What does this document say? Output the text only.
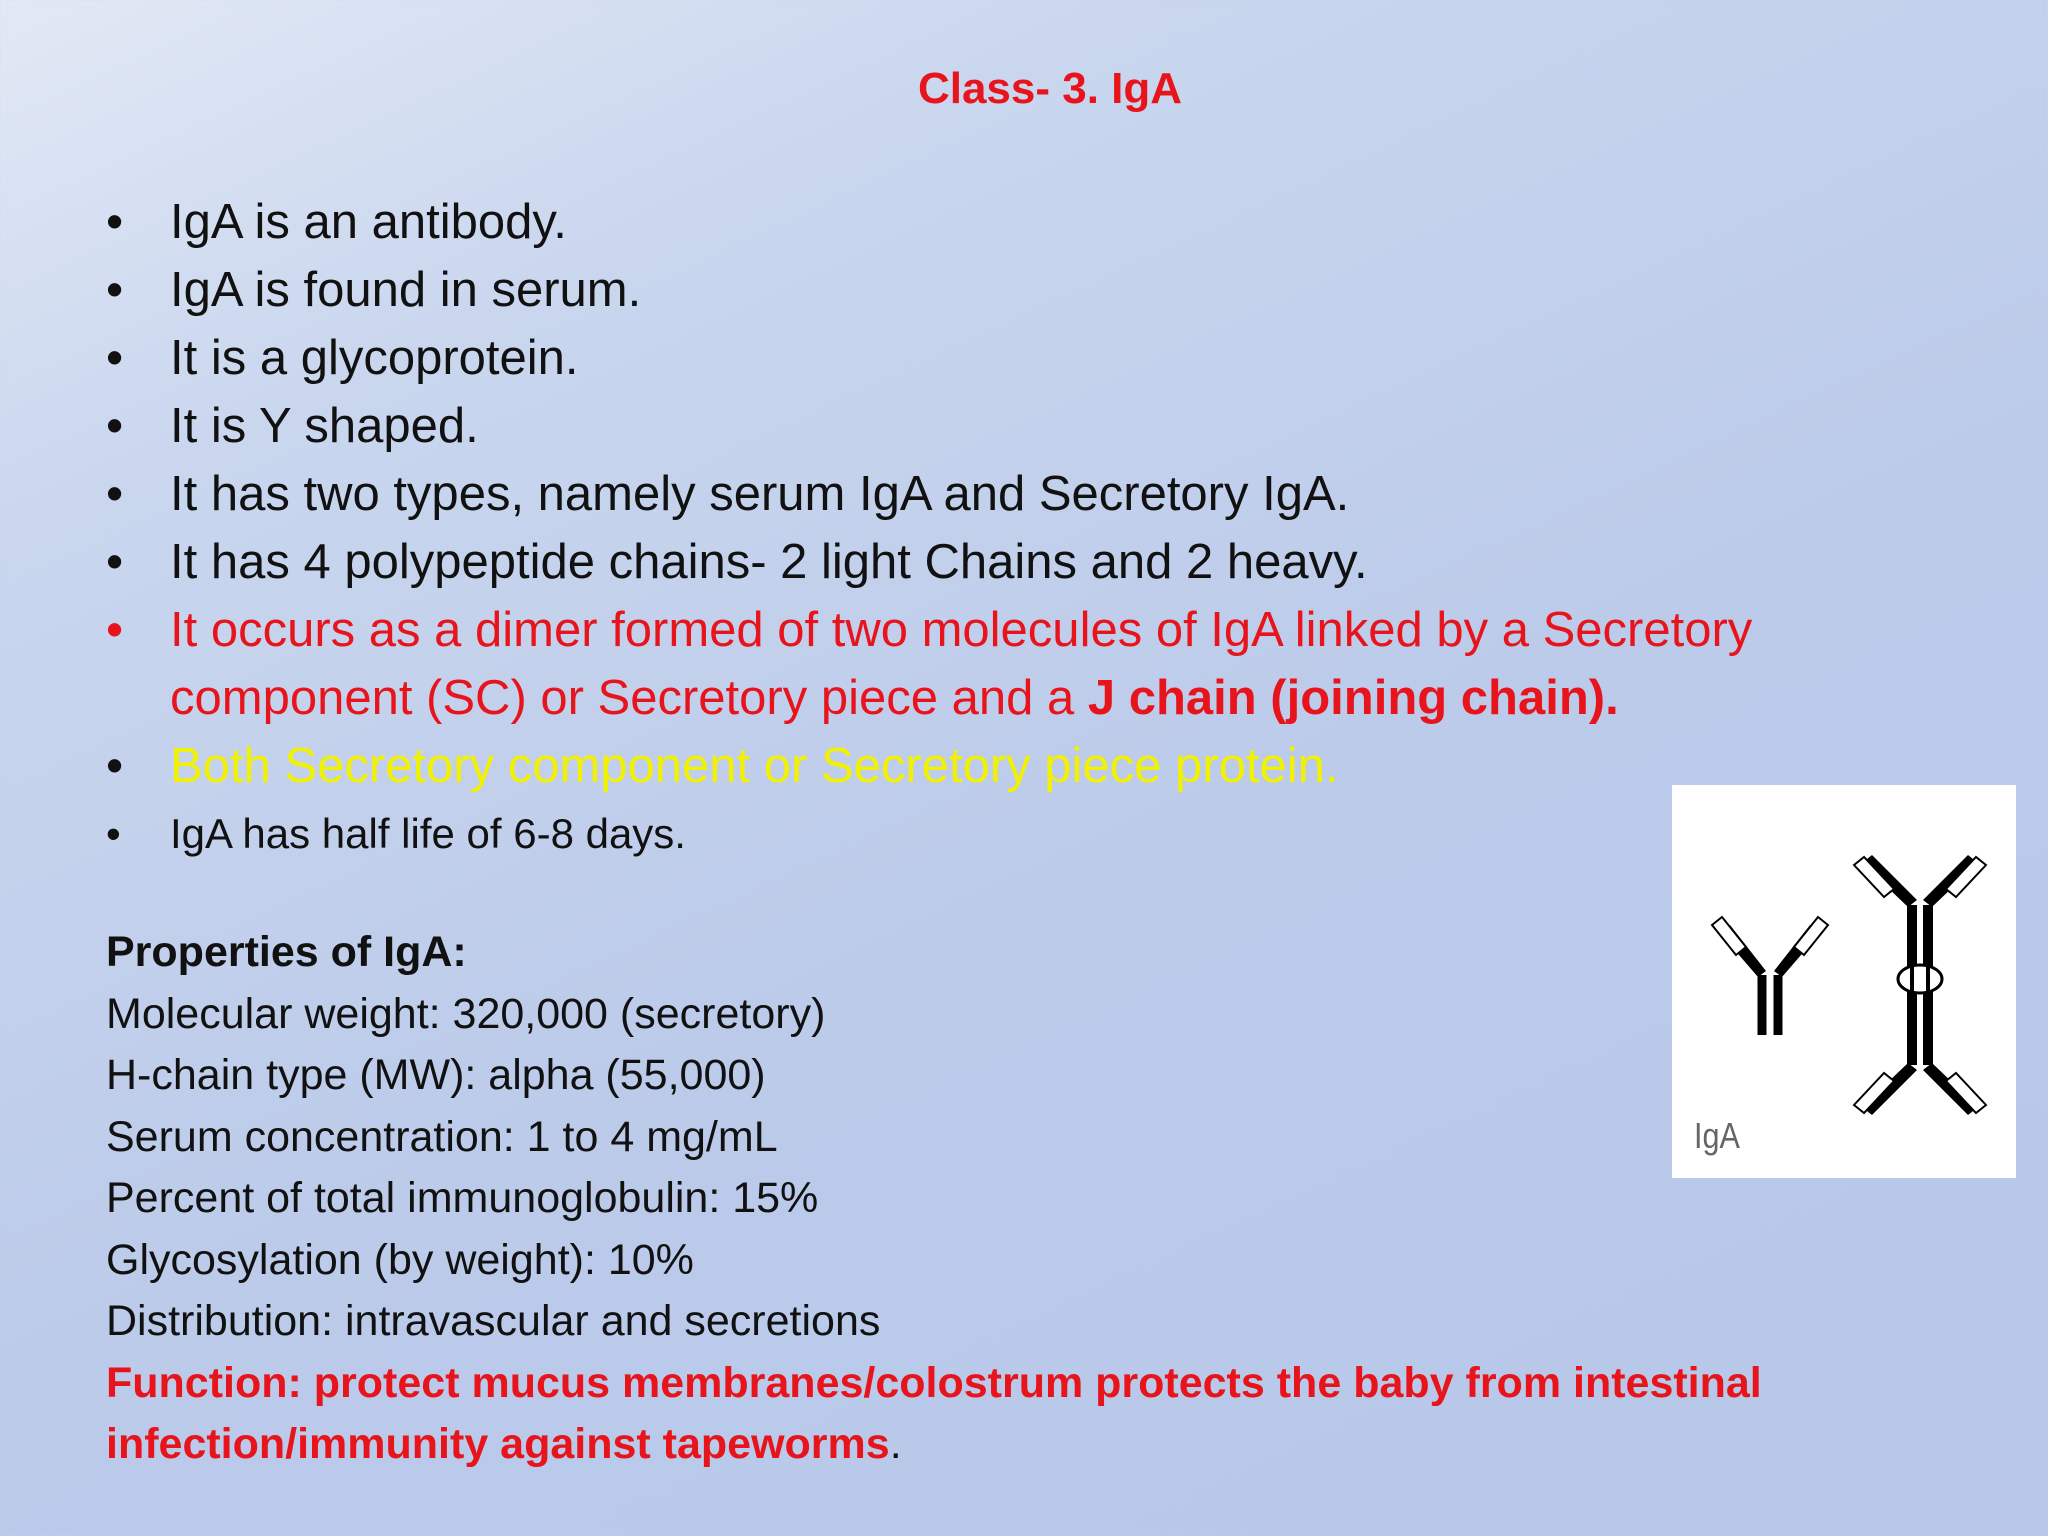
Class- 3. IgA
• IgA is an antibody.
• IgA is found in serum.
• It is a glycoprotein.
• It is Y shaped.
• It has two types, namely serum IgA and Secretory IgA.
• It has 4 polypeptide chains- 2 light Chains and 2 heavy.
• It occurs as a dimer formed of two molecules of IgA linked by a Secretory component (SC) or Secretory piece and a J chain (joining chain).
• Both Secretory component or Secretory piece protein.
• IgA has half life of 6-8 days.
Properties of IgA:
Molecular weight: 320,000 (secretory)
H-chain type (MW): alpha (55,000)
Serum concentration: 1 to 4 mg/mL
Percent of total immunoglobulin: 15%
Glycosylation (by weight): 10%
Distribution: intravascular and secretions
Function: protect mucus membranes/colostrum protects the baby from intestinal infection/immunity against tapeworms.
IgA
